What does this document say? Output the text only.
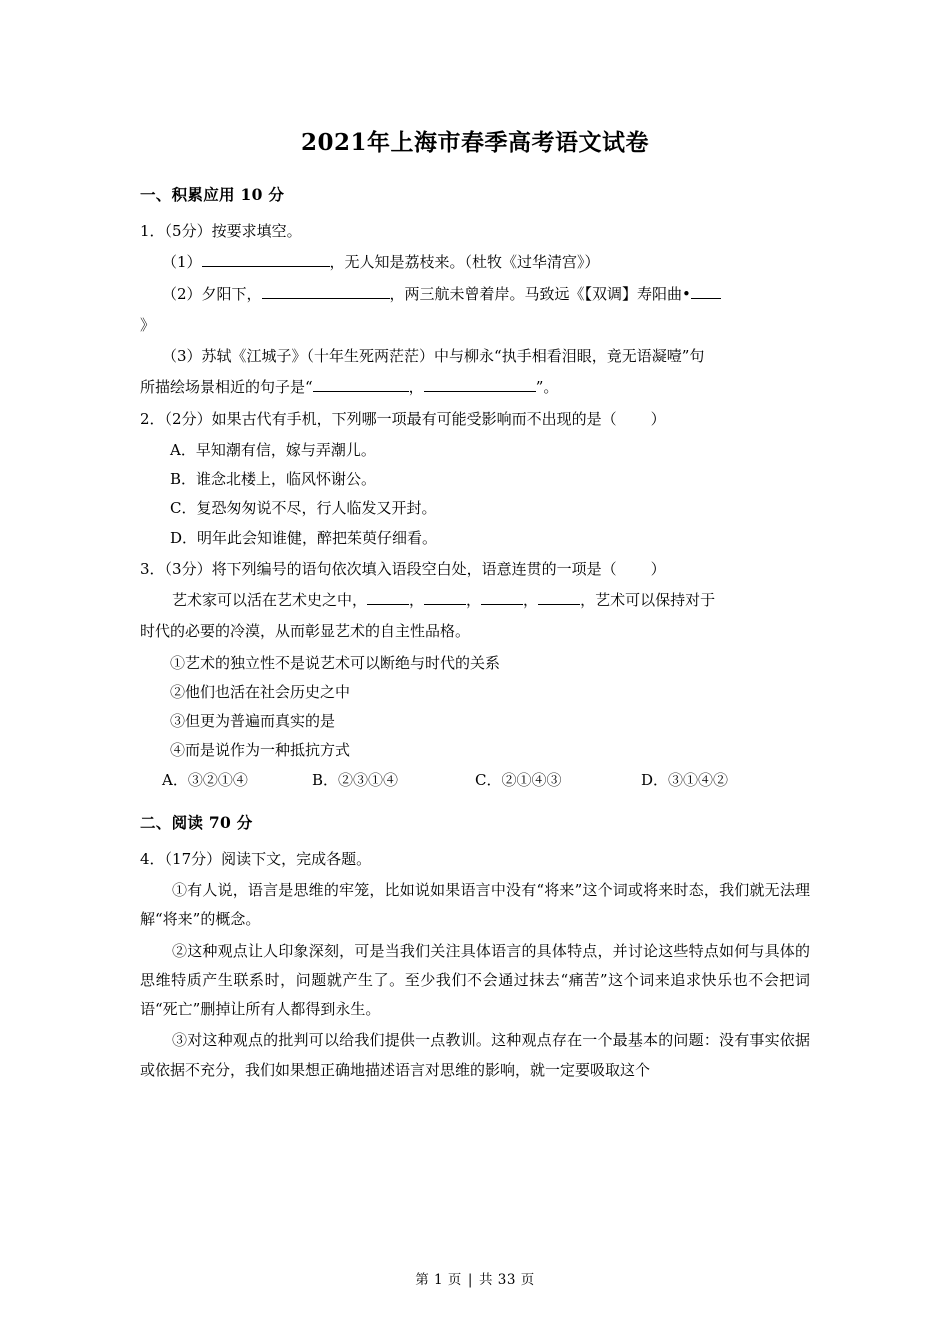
2021年上海市春季高考语文试卷
一、积累应用 10 分
1．（5分）按要求填空。
（1）	，无人知是荔枝来。（杜牧《过华清宫》）
（2）夕阳下，	，两三航未曾着岸。马致远《【双调】寿阳曲•
》
（3）苏轼《江城子》（十年生死两茫茫）中与柳永“执手相看泪眼，竟无语凝噎”句
所描绘场景相近的句子是“	，	”。
2．（2分）如果古代有手机，下列哪一项最有可能受影响而不出现的是（ ）
A．早知潮有信，嫁与弄潮儿。
B．谁念北楼上，临风怀谢公。
C．复恐匆匆说不尽，行人临发又开封。
D．明年此会知谁健，醉把茱萸仔细看。
3．（3分）将下列编号的语句依次填入语段空白处，语意连贯的一项是（ ）
艺术家可以活在艺术史之中，	，	，	，	，艺术可以保持对于
时代的必要的冷漠，从而彰显艺术的自主性品格。
①艺术的独立性不是说艺术可以断绝与时代的关系
②他们也活在社会历史之中
③但更为普遍而真实的是
④而是说作为一种抵抗方式
A．③②①④	B．②③①④	C．②①④③	D．③①④②
二、阅读 70 分
4．（17分）阅读下文，完成各题。
①有人说，语言是思维的牢笼，比如说如果语言中没有“将来”这个词或将来时态，我们就无法理解“将来”的概念。
②这种观点让人印象深刻，可是当我们关注具体语言的具体特点，并讨论这些特点如何与具体的思维特质产生联系时，问题就产生了。至少我们不会通过抹去“痛苦”这个词来追求快乐也不会把词语“死亡”删掉让所有人都得到永生。
③对这种观点的批判可以给我们提供一点教训。这种观点存在一个最基本的问题：没有事实依据或依据不充分，我们如果想正确地描述语言对思维的影响，就一定要吸取这个
第 1 页 | 共 33 页
